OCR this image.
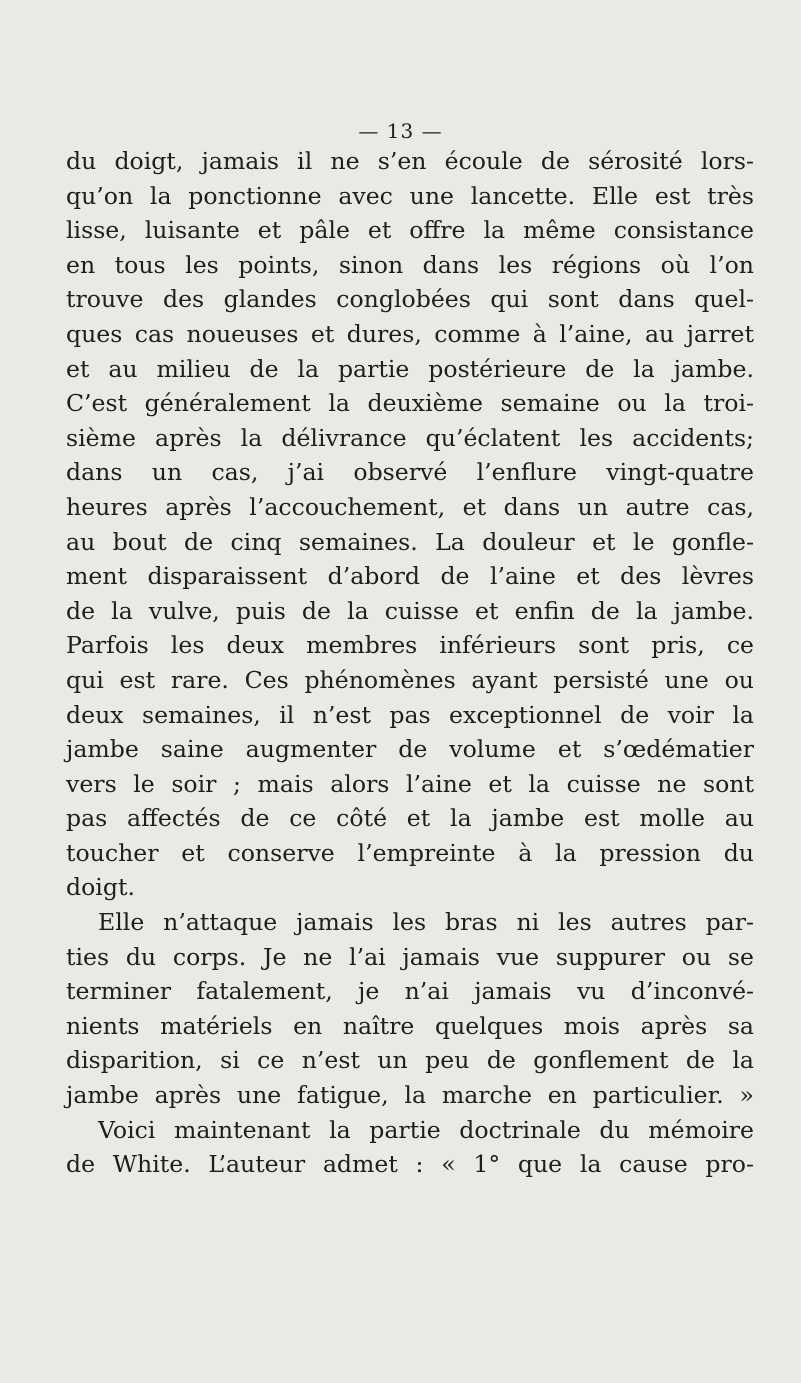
— 13 —
du doigt, jamais il ne s’en écoule de sérosité lors-
qu’on la ponctionne avec une lancette. Elle est très
lisse, luisante et pâle et offre la même consistance
en tous les points, sinon dans les régions où l’on
trouve des glandes conglobées qui sont dans quel-
ques cas noueuses et dures, comme à l’aine, au jarret
et au milieu de la partie postérieure de la jambe.
C’est généralement la deuxième semaine ou la troi-
sième après la délivrance qu’éclatent les accidents;
dans un cas, j’ai observé l’enflure vingt-quatre
heures après l’accouchement, et dans un autre cas,
au bout de cinq semaines. La douleur et le gonfle-
ment disparaissent d’abord de l’aine et des lèvres
de la vulve, puis de la cuisse et enfin de la jambe.
Parfois les deux membres inférieurs sont pris, ce
qui est rare. Ces phénomènes ayant persisté une ou
deux semaines, il n’est pas exceptionnel de voir la
jambe saine augmenter de volume et s’œdématier
vers le soir ; mais alors l’aine et la cuisse ne sont
pas affectés de ce côté et la jambe est molle au
toucher et conserve l’empreinte à la pression du
doigt.
Elle n’attaque jamais les bras ni les autres par-
ties du corps. Je ne l’ai jamais vue suppurer ou se
terminer fatalement, je n’ai jamais vu d’inconvé-
nients matériels en naître quelques mois après sa
disparition, si ce n’est un peu de gonflement de la
jambe après une fatigue, la marche en particulier. »
Voici maintenant la partie doctrinale du mémoire
de White. L’auteur admet : « 1° que la cause pro-
